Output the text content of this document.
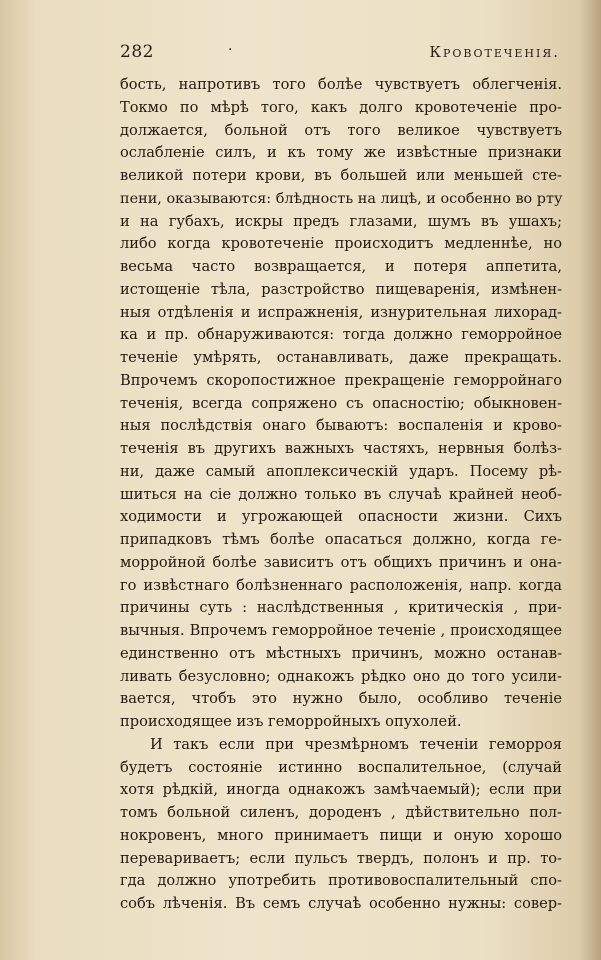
282	·	Кровотеченія.
бость, напротивъ того болѣе чувствуетъ облегченія.
Токмо по мѣрѣ того, какъ долго кровотеченіе про-
должается, больной отъ того великое чувствуетъ
ослабленіе силъ, и къ тому же извѣстные признаки
великой потери крови, въ большей или меньшей сте-
пени, оказываются: блѣдность на лицѣ, и особенно во рту
и на губахъ, искры предъ глазами, шумъ въ ушахъ;
либо когда кровотеченіе происходитъ медленнѣе, но
весьма часто возвращается, и потеря аппетита,
истощеніе тѣла, разстройство пищеваренія, измѣнен-
ныя отдѣленія и испражненія, изнурительная лихорад-
ка и пр. обнаруживаются: тогда должно геморройное
теченіе умѣрять, останавливать, даже прекращать.
Впрочемъ скоропостижное прекращеніе геморройнаго
теченія, всегда сопряжено съ опасностію; обыкновен-
ныя послѣдствія онаго бываютъ: воспаленія и крово-
теченія въ другихъ важныхъ частяхъ, нервныя болѣз-
ни, даже самый апоплексическій ударъ. Посему рѣ-
шиться на сіе должно только въ случаѣ крайней необ-
ходимости и угрожающей опасности жизни. Сихъ
припадковъ тѣмъ болѣе опасаться должно, когда ге-
морройной болѣе зависитъ отъ общихъ причинъ и она-
го извѣстнаго болѣзненнаго расположенія, напр. когда
причины суть : наслѣдственныя , критическія , при-
вычныя. Впрочемъ геморройное теченіе , происходящее
единственно отъ мѣстныхъ причинъ, можно останав-
ливать безусловно; однакожъ рѣдко оно до того усили-
вается, чтобъ это нужно было, особливо теченіе
происходящее изъ геморройныхъ опухолей.
И такъ если при чрезмѣрномъ теченіи геморроя
будетъ состояніе истинно воспалительное, (случай
хотя рѣдкій, иногда однакожъ замѣчаемый); если при
томъ больной силенъ, дороденъ , дѣйствительно пол-
нокровенъ, много принимаетъ пищи и оную хорошо
перевариваетъ; если пульсъ твердъ, полонъ и пр. то-
гда должно употребить противовоспалительный спо-
собъ лѣченія. Въ семъ случаѣ особенно нужны: совер-
